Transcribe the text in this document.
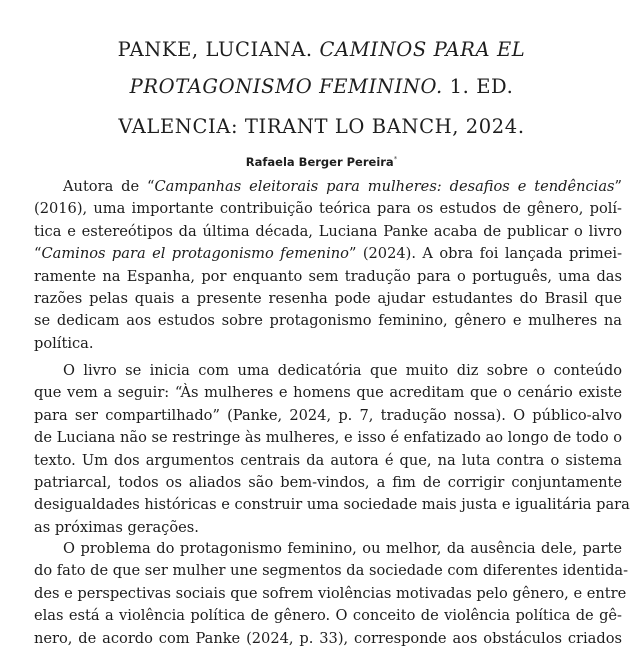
PANKE, LUCIANA. CAMINOS PARA EL
PROTAGONISMO FEMININO. 1. ED.
VALENCIA: TIRANT LO BANCH, 2024.
Rafaela Berger Pereira*
Autora de “Campanhas eleitorais para mulheres: desafios e tendências”
(2016), uma importante contribuição teórica para os estudos de gênero, polí-
tica e estereótipos da última década, Luciana Panke acaba de publicar o livro
“Caminos para el protagonismo femenino” (2024). A obra foi lançada primei-
ramente na Espanha, por enquanto sem tradução para o português, uma das
razões pelas quais a presente resenha pode ajudar estudantes do Brasil que
se dedicam aos estudos sobre protagonismo feminino, gênero e mulheres na
política.
O livro se inicia com uma dedicatória que muito diz sobre o conteúdo
que vem a seguir: “Às mulheres e homens que acreditam que o cenário existe
para ser compartilhado” (Panke, 2024, p. 7, tradução nossa). O público-alvo
de Luciana não se restringe às mulheres, e isso é enfatizado ao longo de todo o
texto. Um dos argumentos centrais da autora é que, na luta contra o sistema
patriarcal, todos os aliados são bem-vindos, a fim de corrigir conjuntamente
desigualdades históricas e construir uma sociedade mais justa e igualitária para
as próximas gerações.
O problema do protagonismo feminino, ou melhor, da ausência dele, parte
do fato de que ser mulher une segmentos da sociedade com diferentes identida-
des e perspectivas sociais que sofrem violências motivadas pelo gênero, e entre
elas está a violência política de gênero. O conceito de violência política de gê-
nero, de acordo com Panke (2024, p. 33), corresponde aos obstáculos criados
